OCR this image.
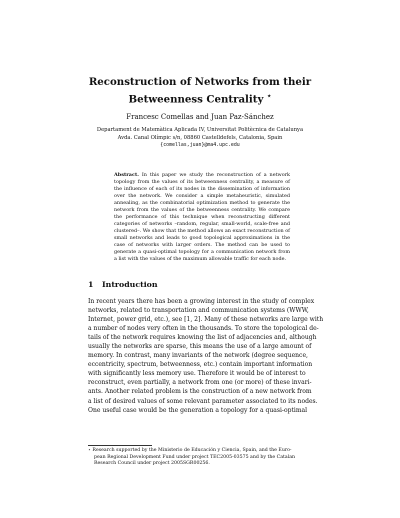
Reconstruction of Networks from their
Betweenness Centrality ⋆
Francesc Comellas and Juan Paz-Sánchez
Departament de Matemàtica Aplicada IV, Universitat Politècnica de Catalunya
Avda. Canal Olímpic s/n, 08860 Castelldefels, Catalonia, Spain
{comellas,juan}@ma4.upc.edu
Abstract. In this paper we study the reconstruction of a network topology from the values of its betweenness centrality, a measure of the influence of each of its nodes in the dissemination of information over the network. We consider a simple metaheuristic, simulated annealing, as the combinatorial optimization method to generate the network from the values of the betweenness centrality. We compare the performance of this technique when reconstructing different categories of networks –random, regular, small-world, scale-free and clustered–. We show that the method allows an exact reconstruction of small networks and leads to good topological approximations in the case of networks with larger orders. The method can be used to generate a quasi-optimal topology for a communication network from a list with the values of the maximum allowable traffic for each node.
1 Introduction
In recent years there has been a growing interest in the study of complex
networks, related to transportation and communication systems (WWW,
Internet, power grid, etc.), see [1, 2]. Many of these networks are large with
a number of nodes very often in the thousands. To store the topological de-
tails of the network requires knowing the list of adjacencies and, although
usually the networks are sparse, this means the use of a large amount of
memory. In contrast, many invariants of the network (degree sequence,
eccentricity, spectrum, betweenness, etc.) contain important information
with significantly less memory use. Therefore it would be of interest to
reconstruct, even partially, a network from one (or more) of these invari-
ants. Another related problem is the construction of a new network from
a list of desired values of some relevant parameter associated to its nodes.
One useful case would be the generation a topology for a quasi-optimal
⋆ Research supported by the Ministerio de Educación y Ciencia, Spain, and the Euro-
pean Regional Development Fund under project TEC2005-03575 and by the Catalan
Research Council under project 2005SGR00256.
